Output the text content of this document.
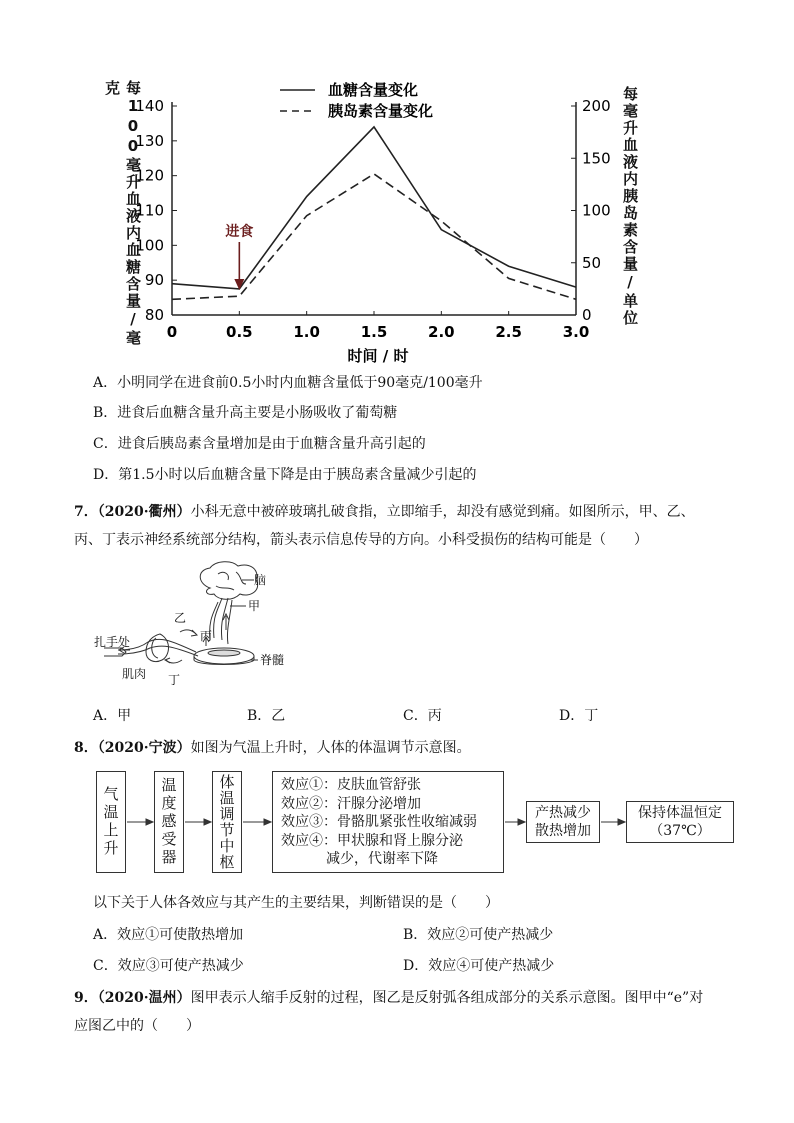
每100毫升血液内血糖含量/毫克	每毫升血液内胰岛素含量/单位
80
90
100
110
120
130
140
0
50
100
150
200
0	0.5	1.0	1.5	2.0	2.5	3.0
时间 / 时
血糖含量变化
胰岛素含量变化
进食
A．小明同学在进食前0.5小时内血糖含量低于90毫克/100毫升
B．进食后血糖含量升高主要是小肠吸收了葡萄糖
C．进食后胰岛素含量增加是由于血糖含量升高引起的
D．第1.5小时以后血糖含量下降是由于胰岛素含量减少引起的
7．（2020·衢州）小科无意中被碎玻璃扎破食指，立即缩手，却没有感觉到痛。如图所示，甲、乙、
丙、丁表示神经系统部分结构，箭头表示信息传导的方向。小科受损伤的结构可能是（　　）
脑
甲
乙
丙
扎手处
肌肉 丁
脊髓
A．甲	B．乙	C．丙	D．丁
8．（2020·宁波）如图为气温上升时，人体的体温调节示意图。
气温上升	温度感受器	体温调节中枢	效应①：皮肤血管舒张
效应②：汗腺分泌增加
效应③：骨骼肌紧张性收缩减弱
效应④：甲状腺和肾上腺分泌
减少，代谢率下降
产热减少
散热增加
保持体温恒定
（37℃）
以下关于人体各效应与其产生的主要结果，判断错误的是（　　）
A．效应①可使散热增加	B．效应②可使产热减少
C．效应③可使产热减少	D．效应④可使产热减少
9．（2020·温州）图甲表示人缩手反射的过程，图乙是反射弧各组成部分的关系示意图。图甲中“e”对
应图乙中的（　　）
